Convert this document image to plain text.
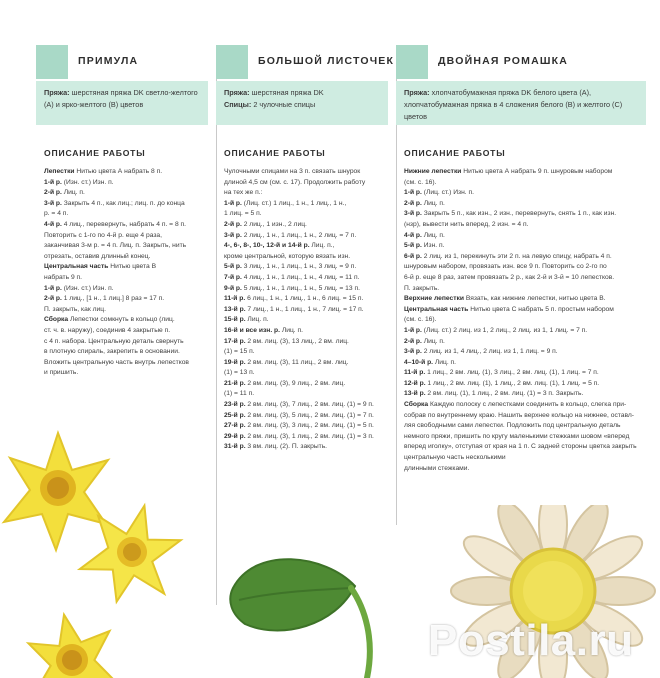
ПРИМУЛА
Пряжа: шерстяная пряжа DK светло-желтого (А) и ярко-желтого (В) цветов
ОПИСАНИЕ РАБОТЫ

Лепестки Нитью цвета А набрать 8 п.

1-й р. (Изн. ст.) Изн. п.

2-й р. Лиц. п.

3-й р. Закрыть 4 п., как лиц.; лиц. п. до конца

р. = 4 п.

4-й р. 4 лиц., перевернуть, набрать 4 п. = 8 п.

Повторить с 1-го по 4-й р. еще 4 раза,

заканчивая 3-м р. = 4 п. Лиц. п. Закрыть, нить

отрезать, оставив длинный конец.

Центральная часть Нитью цвета В

набрать 9 п.

1-й р. (Изн. ст.) Изн. п.

2-й р. 1 лиц., [1 н., 1 лиц.] 8 раз = 17 п.

П. закрыть, как лиц.

Сборка Лепестки сомкнуть в кольцо (лиц.

ст. ч. в. наружу), соединив 4 закрытые п.

с 4 п. набора. Центральную деталь свернуть

в плотную спираль, закрепить в основании.

Вложить центральную часть внутрь лепестков

и пришить.

БОЛЬШОЙ ЛИСТОЧЕК
Пряжа: шерстяная пряжа DK
Спицы: 2 чулочные спицы
ОПИСАНИЕ РАБОТЫ

Чулочными спицами на 3 п. связать шнурок

длиной 4,5 см (см. с. 17). Продолжить работу

на тех же п.:

1-й р. (Лиц. ст.) 1 лиц., 1 н., 1 лиц., 1 н.,

1 лиц. = 5 п.

2-й р. 2 лиц., 1 изн., 2 лиц.

3-й р. 2 лиц., 1 н., 1 лиц., 1 н., 2 лиц. = 7 п.

4-, 6-, 8-, 10-, 12-й и 14-й р. Лиц. п.,

кроме центральной, которую вязать изн.

5-й р. 3 лиц., 1 н., 1 лиц., 1 н., 3 лиц. = 9 п.

7-й р. 4 лиц., 1 н., 1 лиц., 1 н., 4 лиц. = 11 п.

9-й р. 5 лиц., 1 н., 1 лиц., 1 н., 5 лиц. = 13 п.

11-й р. 6 лиц., 1 н., 1 лиц., 1 н., 6 лиц. = 15 п.

13-й р. 7 лиц., 1 н., 1 лиц., 1 н., 7 лиц. = 17 п.

15-й р. Лиц. п.

16-й и все изн. р. Лиц. п.

17-й р. 2 вм. лиц. (3), 13 лиц., 2 вм. лиц.

(1) = 15 п.

19-й р. 2 вм. лиц. (3), 11 лиц., 2 вм. лиц.

(1) = 13 п.

21-й р. 2 вм. лиц. (3), 9 лиц., 2 вм. лиц.

(1) = 11 п.

23-й р. 2 вм. лиц. (3), 7 лиц., 2 вм. лиц. (1) = 9 п.

25-й р. 2 вм. лиц. (3), 5 лиц., 2 вм. лиц. (1) = 7 п.

27-й р. 2 вм. лиц. (3), 3 лиц., 2 вм. лиц. (1) = 5 п.

29-й р. 2 вм. лиц. (3), 1 лиц., 2 вм. лиц. (1) = 3 п.

31-й р. 3 вм. лиц. (2). П. закрыть.

ДВОЙНАЯ РОМАШКА
Пряжа: хлопчатобумажная пряжа DK белого цвета (А), хлопчатобумажная пряжа в 4 сложения белого (В) и желтого (С) цветов
ОПИСАНИЕ РАБОТЫ

Нижние лепестки Нитью цвета А набрать 9 п. шнуровым набором

(см. с. 16).

1-й р. (Лиц. ст.) Изн. п.

2-й р. Лиц. п.

3-й р. Закрыть 5 п., как изн., 2 изн., перевернуть, снять 1 п., как изн.

(нзр), вывести нить вперед, 2 изн. = 4 п.

4-й р. Лиц. п.

5-й р. Изн. п.

6-й р. 2 лиц. из 1, перекинуть эти 2 п. на левую спицу, набрать 4 п.

шнуровым набором, провязать изн. все 9 п. Повторить со 2-го по

6-й р. еще 8 раз, затем провязать 2 р., как 2-й и 3-й = 10 лепестков.

П. закрыть.

Верхние лепестки Вязать, как нижние лепестки, нитью цвета В.

Центральная часть Нитью цвета С набрать 5 п. простым набором

(см. с. 16).

1-й р. (Лиц. ст.) 2 лиц. из 1, 2 лиц., 2 лиц. из 1, 1 лиц. = 7 п.

2-й р. Лиц. п.

3-й р. 2 лиц. из 1, 4 лиц., 2 лиц. из 1, 1 лиц. = 9 п.

4–10-й р. Лиц. п.

11-й р. 1 лиц., 2 вм. лиц. (1), 3 лиц., 2 вм. лиц. (1), 1 лиц. = 7 п.

12-й р. 1 лиц., 2 вм. лиц. (1), 1 лиц., 2 вм. лиц. (1), 1 лиц. = 5 п.

13-й р. 2 вм. лиц. (1), 1 лиц., 2 вм. лиц. (1) = 3 п. Закрыть.

Сборка Каждую полоску с лепестками соединить в кольцо, слегка при-

собрав по внутреннему краю. Нашить верхнее кольцо на нижнее, оставл-

ляя свободными сами лепестки. Подложить под центральную деталь

немного пряжи, пришить по кругу маленькими стежками шовом «вперед

вперед иголку», отступая от края на 1 п. С задней стороны цветка закрыть

центральную часть несколькими

длинными стежками.

Postila.ru
